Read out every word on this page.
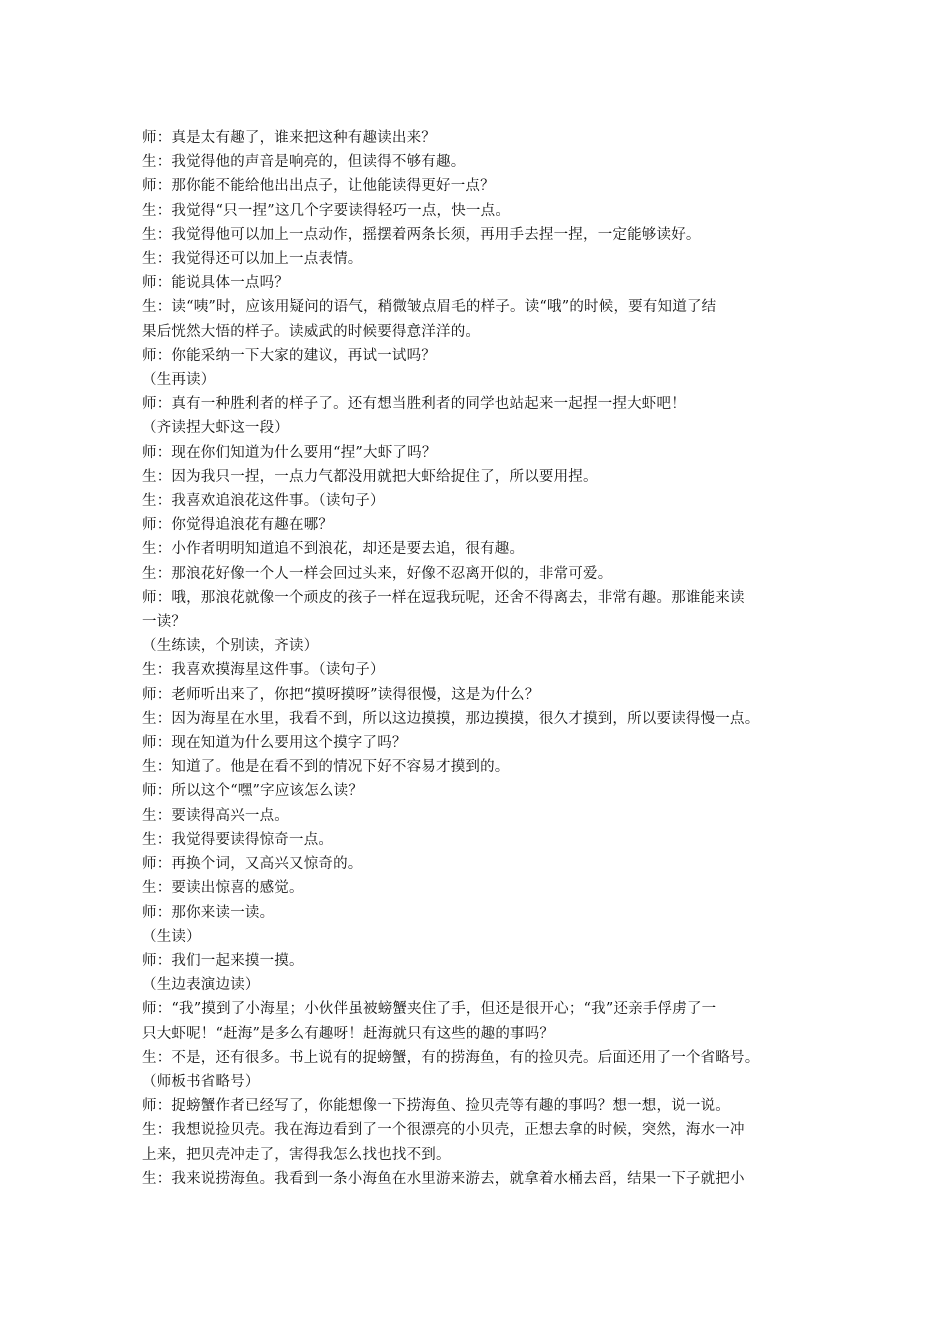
师：真是太有趣了，谁来把这种有趣读出来？
生：我觉得他的声音是响亮的，但读得不够有趣。
师：那你能不能给他出出点子，让他能读得更好一点？
生：我觉得“只一捏”这几个字要读得轻巧一点，快一点。
生：我觉得他可以加上一点动作，摇摆着两条长须，再用手去捏一捏，一定能够读好。
生：我觉得还可以加上一点表情。
师：能说具体一点吗？
生：读“咦”时，应该用疑问的语气，稍微皱点眉毛的样子。读“哦”的时候，要有知道了结
果后恍然大悟的样子。读威武的时候要得意洋洋的。
师：你能采纳一下大家的建议，再试一试吗？
（生再读）
师：真有一种胜利者的样子了。还有想当胜利者的同学也站起来一起捏一捏大虾吧！
（齐读捏大虾这一段）
师：现在你们知道为什么要用“捏”大虾了吗？
生：因为我只一捏，一点力气都没用就把大虾给捉住了，所以要用捏。
生：我喜欢追浪花这件事。（读句子）
师：你觉得追浪花有趣在哪？
生：小作者明明知道追不到浪花，却还是要去追，很有趣。
生：那浪花好像一个人一样会回过头来，好像不忍离开似的，非常可爱。
师：哦，那浪花就像一个顽皮的孩子一样在逗我玩呢，还舍不得离去，非常有趣。那谁能来读
一读？
（生练读，个别读，齐读）
生：我喜欢摸海星这件事。（读句子）
师：老师听出来了，你把“摸呀摸呀”读得很慢，这是为什么？
生：因为海星在水里，我看不到，所以这边摸摸，那边摸摸，很久才摸到，所以要读得慢一点。
师：现在知道为什么要用这个摸字了吗？
生：知道了。他是在看不到的情况下好不容易才摸到的。
师：所以这个“嘿”字应该怎么读？
生：要读得高兴一点。
生：我觉得要读得惊奇一点。
师：再换个词，又高兴又惊奇的。
生：要读出惊喜的感觉。
师：那你来读一读。
（生读）
师：我们一起来摸一摸。
（生边表演边读）
师：“我”摸到了小海星；小伙伴虽被螃蟹夹住了手，但还是很开心；“我”还亲手俘虏了一
只大虾呢！“赶海”是多么有趣呀！赶海就只有这些的趣的事吗？
生：不是，还有很多。书上说有的捉螃蟹，有的捞海鱼，有的捡贝壳。后面还用了一个省略号。
（师板书省略号）
师：捉螃蟹作者已经写了，你能想像一下捞海鱼、捡贝壳等有趣的事吗？想一想，说一说。
生：我想说捡贝壳。我在海边看到了一个很漂亮的小贝壳，正想去拿的时候，突然，海水一冲
上来，把贝壳冲走了，害得我怎么找也找不到。
生：我来说捞海鱼。我看到一条小海鱼在水里游来游去，就拿着水桶去舀，结果一下子就把小
